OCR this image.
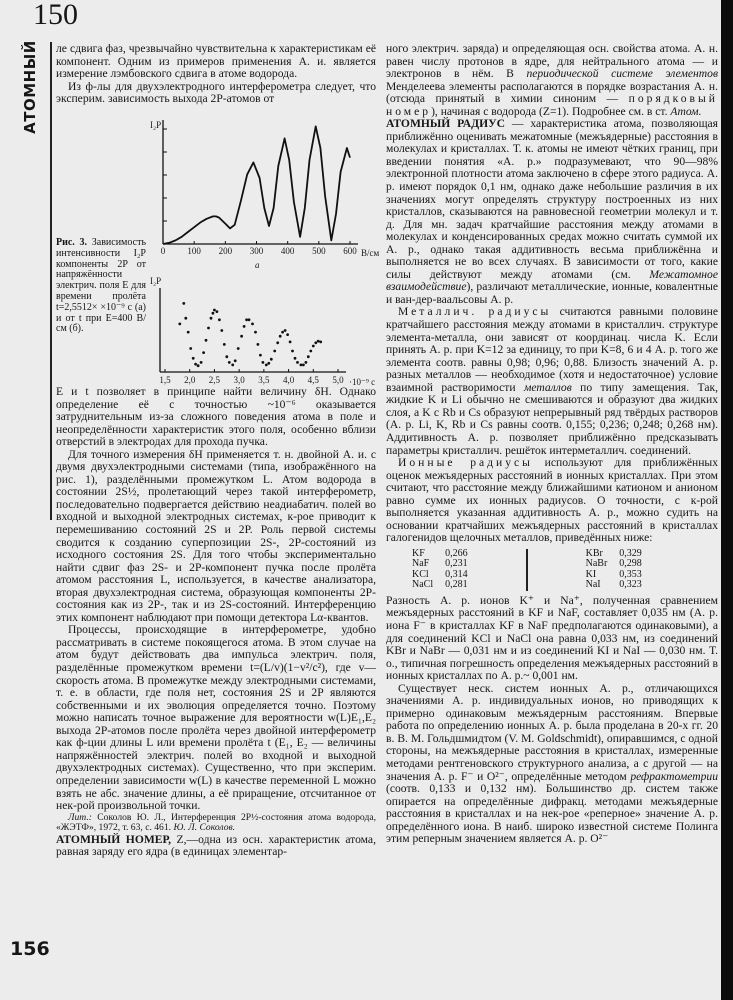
150
АТОМНЫЙ ле сдвига фаз, чрезвычайно чувствительна к характеристикам её компонент. Одним из примеров применения А. и. является измерение лэмбовского сдвига в атоме водорода.

Из ф-лы для двухэлектродного интерферометра следует, что эксперим. зависимость выхода 2P-атомов от

Рис. 3. Зависимость интенсивности I₂P компоненты 2P от напряжённости электрич. поля E для времени пролёта t=2,5512× ×10⁻⁹ с (а) и от t при E=400 В/см (б).
0 100 200 300 400 500 600
1,5 2,0 2,5 3,0 3,5 4,0 4,5 5,0
I₂P
В/см
а
I₂P
·10⁻⁹ с

E и t позволяет в принципе найти величину δH. Однако определение её с точностью ~10⁻⁶ оказывается затруднительным из-за сложного поведения атома в поле и неопределённости характеристик этого поля, особенно вблизи отверстий в электродах для прохода пучка.

Для точного измерения δH применяется т. н. двойной А. и. с двумя двухэлектродными системами (типа, изображённого на рис. 1), разделёнными промежутком L. Атом водорода в состоянии 2S½, пролетающий через такой интерферометр, последовательно подвергается действию неадиабатич. полей во входной и выходной электродных системах, к-рое приводит к перемешиванию состояний 2S и 2P. Роль первой системы сводится к созданию суперпозиции 2S-, 2P-состояний из исходного состояния 2S. Для того чтобы экспериментально найти сдвиг фаз 2S- и 2P-компонент пучка после пролёта атомом расстояния L, используется, в качестве анализатора, вторая двухэлектродная система, образующая компоненты 2P-состояния как из 2P-, так и из 2S-состояний. Интерференцию этих компонент наблюдают при помощи детектора Lα-квантов.

Процессы, происходящие в интерферометре, удобно рассматривать в системе покоящегося атома. В этом случае на атом будут действовать два импульса электрич. поля, разделённые промежутком времени t=(L/v)(1−v²/c²), где v—скорость атома. В промежутке между электродными системами, т. е. в области, где поля нет, состояния 2S и 2P являются собственными и их эволюция определяется точно. Поэтому можно написать точное выражение для вероятности w(L)E₁,E₂ выхода 2P-атомов после пролёта через двойной интерферометр как ф-ции длины L или времени пролёта t (E₁, E₂ — величины напряжённостей электрич. полей во входной и выходной двухэлектродных системах). Существенно, что при эксперим. определении зависимости w(L) в качестве переменной L можно взять не абс. значение длины, а её приращение, отсчитанное от нек-рой произвольной точки.

Лит.: Соколов Ю. Л., Интерференция 2P½-состояния атома водорода, «ЖЭТФ», 1972, т. 63, с. 461. Ю. Л. Соколов.

АТОМНЫЙ НОМЕР, Z,—одна из осн. характеристик атома, равная заряду его ядра (в единицах элементар-

156

ного электрич. заряда) и определяющая осн. свойства атома. А. н. равен числу протонов в ядре, для нейтрального атома — и электронов в нём. В периодической системе элементов Менделеева элементы располагаются в порядке возрастания А. н. (отсюда принятый в химии синоним — порядковый номер), начиная с водорода (Z=1). Подробнее см. в ст. Атом.

АТОМНЫЙ РАДИУС — характеристика атома, позволяющая приближённо оценивать межатомные (межъядерные) расстояния в молекулах и кристаллах. Т. к. атомы не имеют чётких границ, при введении понятия «А. р.» подразумевают, что 90—98% электронной плотности атома заключено в сфере этого радиуса. А. р. имеют порядок 0,1 нм, однако даже небольшие различия в их значениях могут определять структуру построенных из них кристаллов, сказываются на равновесной геометрии молекул и т. д. Для мн. задач кратчайшие расстояния между атомами в молекулах и конденсированных средах можно считать суммой их А. р., однако такая аддитивность весьма приближённа и выполняется не во всех случаях. В зависимости от того, какие силы действуют между атомами (см. Межатомное взаимодействие), различают металлические, ионные, ковалентные и ван-дер-ваальсовы А. р.

Металлич. радиусы считаются равными половине кратчайшего расстояния между атомами в кристаллич. структуре элемента-металла, они зависят от координац. числа K. Если принять А. р. при K=12 за единицу, то при K=8, 6 и 4 А. р. того же элемента соотв. равны 0,98; 0,96; 0,88. Близость значений А. р. разных металлов — необходимое (хотя и недостаточное) условие взаимной растворимости металлов по типу замещения. Так, жидкие K и Li обычно не смешиваются и образуют два жидких слоя, а K с Rb и Cs образуют непрерывный ряд твёрдых растворов (А. р. Li, K, Rb и Cs равны соотв. 0,155; 0,236; 0,248; 0,268 нм). Аддитивность А. р. позволяет приближённо предсказывать параметры кристаллич. решёток интерметаллич. соединений.

Ионные радиусы используют для приближённых оценок межъядерных расстояний в ионных кристаллах. При этом считают, что расстояние между ближайшими катионом и анионом равно сумме их ионных радиусов. О точности, с к-рой выполняется указанная аддитивность А. р., можно судить на основании кратчайших межъядерных расстояний в кристаллах галогенидов щелочных металлов, приведённых ниже:

KF	0,266				KBr	0,329
NaF	0,231			NaBr	0,298
KCl	0,314			KI	0,353
NaCl	0,281			NaI	0,323

Разность А. р. ионов K⁺ и Na⁺, полученная сравнением межъядерных расстояний в KF и NaF, составляет 0,035 нм (А. р. иона F⁻ в кристаллах KF в NaF предполагаются одинаковыми), а для соединений KCl и NaCl она равна 0,033 нм, из соединений KBr и NaBr — 0,031 нм и из соединений KI и NaI — 0,030 нм. Т. о., типичная погрешность определения межъядерных расстояний в ионных кристаллах по А. р.~ 0,001 нм.

Существует неск. систем ионных А. р., отличающихся значениями А. р. индивидуальных ионов, но приводящих к примерно одинаковым межъядерным расстояниям. Впервые работа по определению ионных А. р. была проделана в 20-х гг. 20 в. В. М. Гольдшмидтом (V. M. Goldschmidt), опиравшимся, с одной стороны, на межъядерные расстояния в кристаллах, измеренные методами рентгеновского структурного анализа, а с другой — на значения А. р. F⁻ и O²⁻, определённые методом рефрактометрии (соотв. 0,133 и 0,132 нм). Большинство др. систем также опирается на определённые дифракц. методами межъядерные расстояния в кристаллах и на нек-рое «реперное» значение А. р. определённого иона. В наиб. широко известной системе Полинга этим реперным значением является А. р. O²⁻
